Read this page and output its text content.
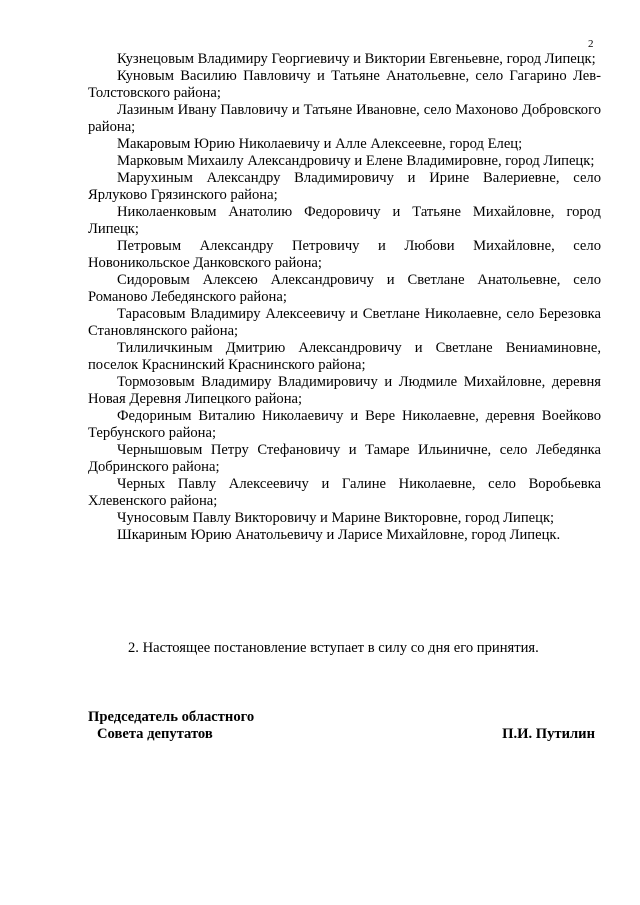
2

Кузнецовым Владимиру Георгиевичу и Виктории Евгеньевне, город Липецк;

Куновым Василию Павловичу и Татьяне Анатольевне, село Гагарино Лев-Толстовского района;

Лазиным Ивану Павловичу и Татьяне Ивановне, село Махоново Добровского района;

Макаровым Юрию Николаевичу и Алле Алексеевне, город Елец;

Марковым Михаилу Александровичу и Елене Владимировне, город Липецк;

Марухиным Александру Владимировичу и Ирине Валериевне, село Ярлуково Грязинского района;

Николаенковым Анатолию Федоровичу и Татьяне Михайловне, город Липецк;

Петровым Александру Петровичу и Любови Михайловне, село Новоникольское Данковского района;

Сидоровым Алексею Александровичу и Светлане Анатольевне, село Романово Лебедянского района;

Тарасовым Владимиру Алексеевичу и Светлане Николаевне, село Березовка Становлянского района;

Тилиличкиным Дмитрию Александровичу и Светлане Вениаминовне, поселок Краснинский Краснинского района;

Тормозовым Владимиру Владимировичу и Людмиле Михайловне, деревня Новая Деревня Липецкого района;

Федориным Виталию Николаевичу и Вере Николаевне, деревня Воейково Тербунского района;

Чернышовым Петру Стефановичу и Тамаре Ильиничне, село Лебедянка Добринского района;

Черных Павлу Алексеевичу и Галине Николаевне, село Воробьевка Хлевенского района;

Чуносовым Павлу Викторовичу и Марине Викторовне, город Липецк;

Шкариным Юрию Анатольевичу и Ларисе Михайловне, город Липецк.

2. Настоящее постановление вступает в силу со дня его принятия.

Председатель областного
Совета депутатов	П.И. Путилин
